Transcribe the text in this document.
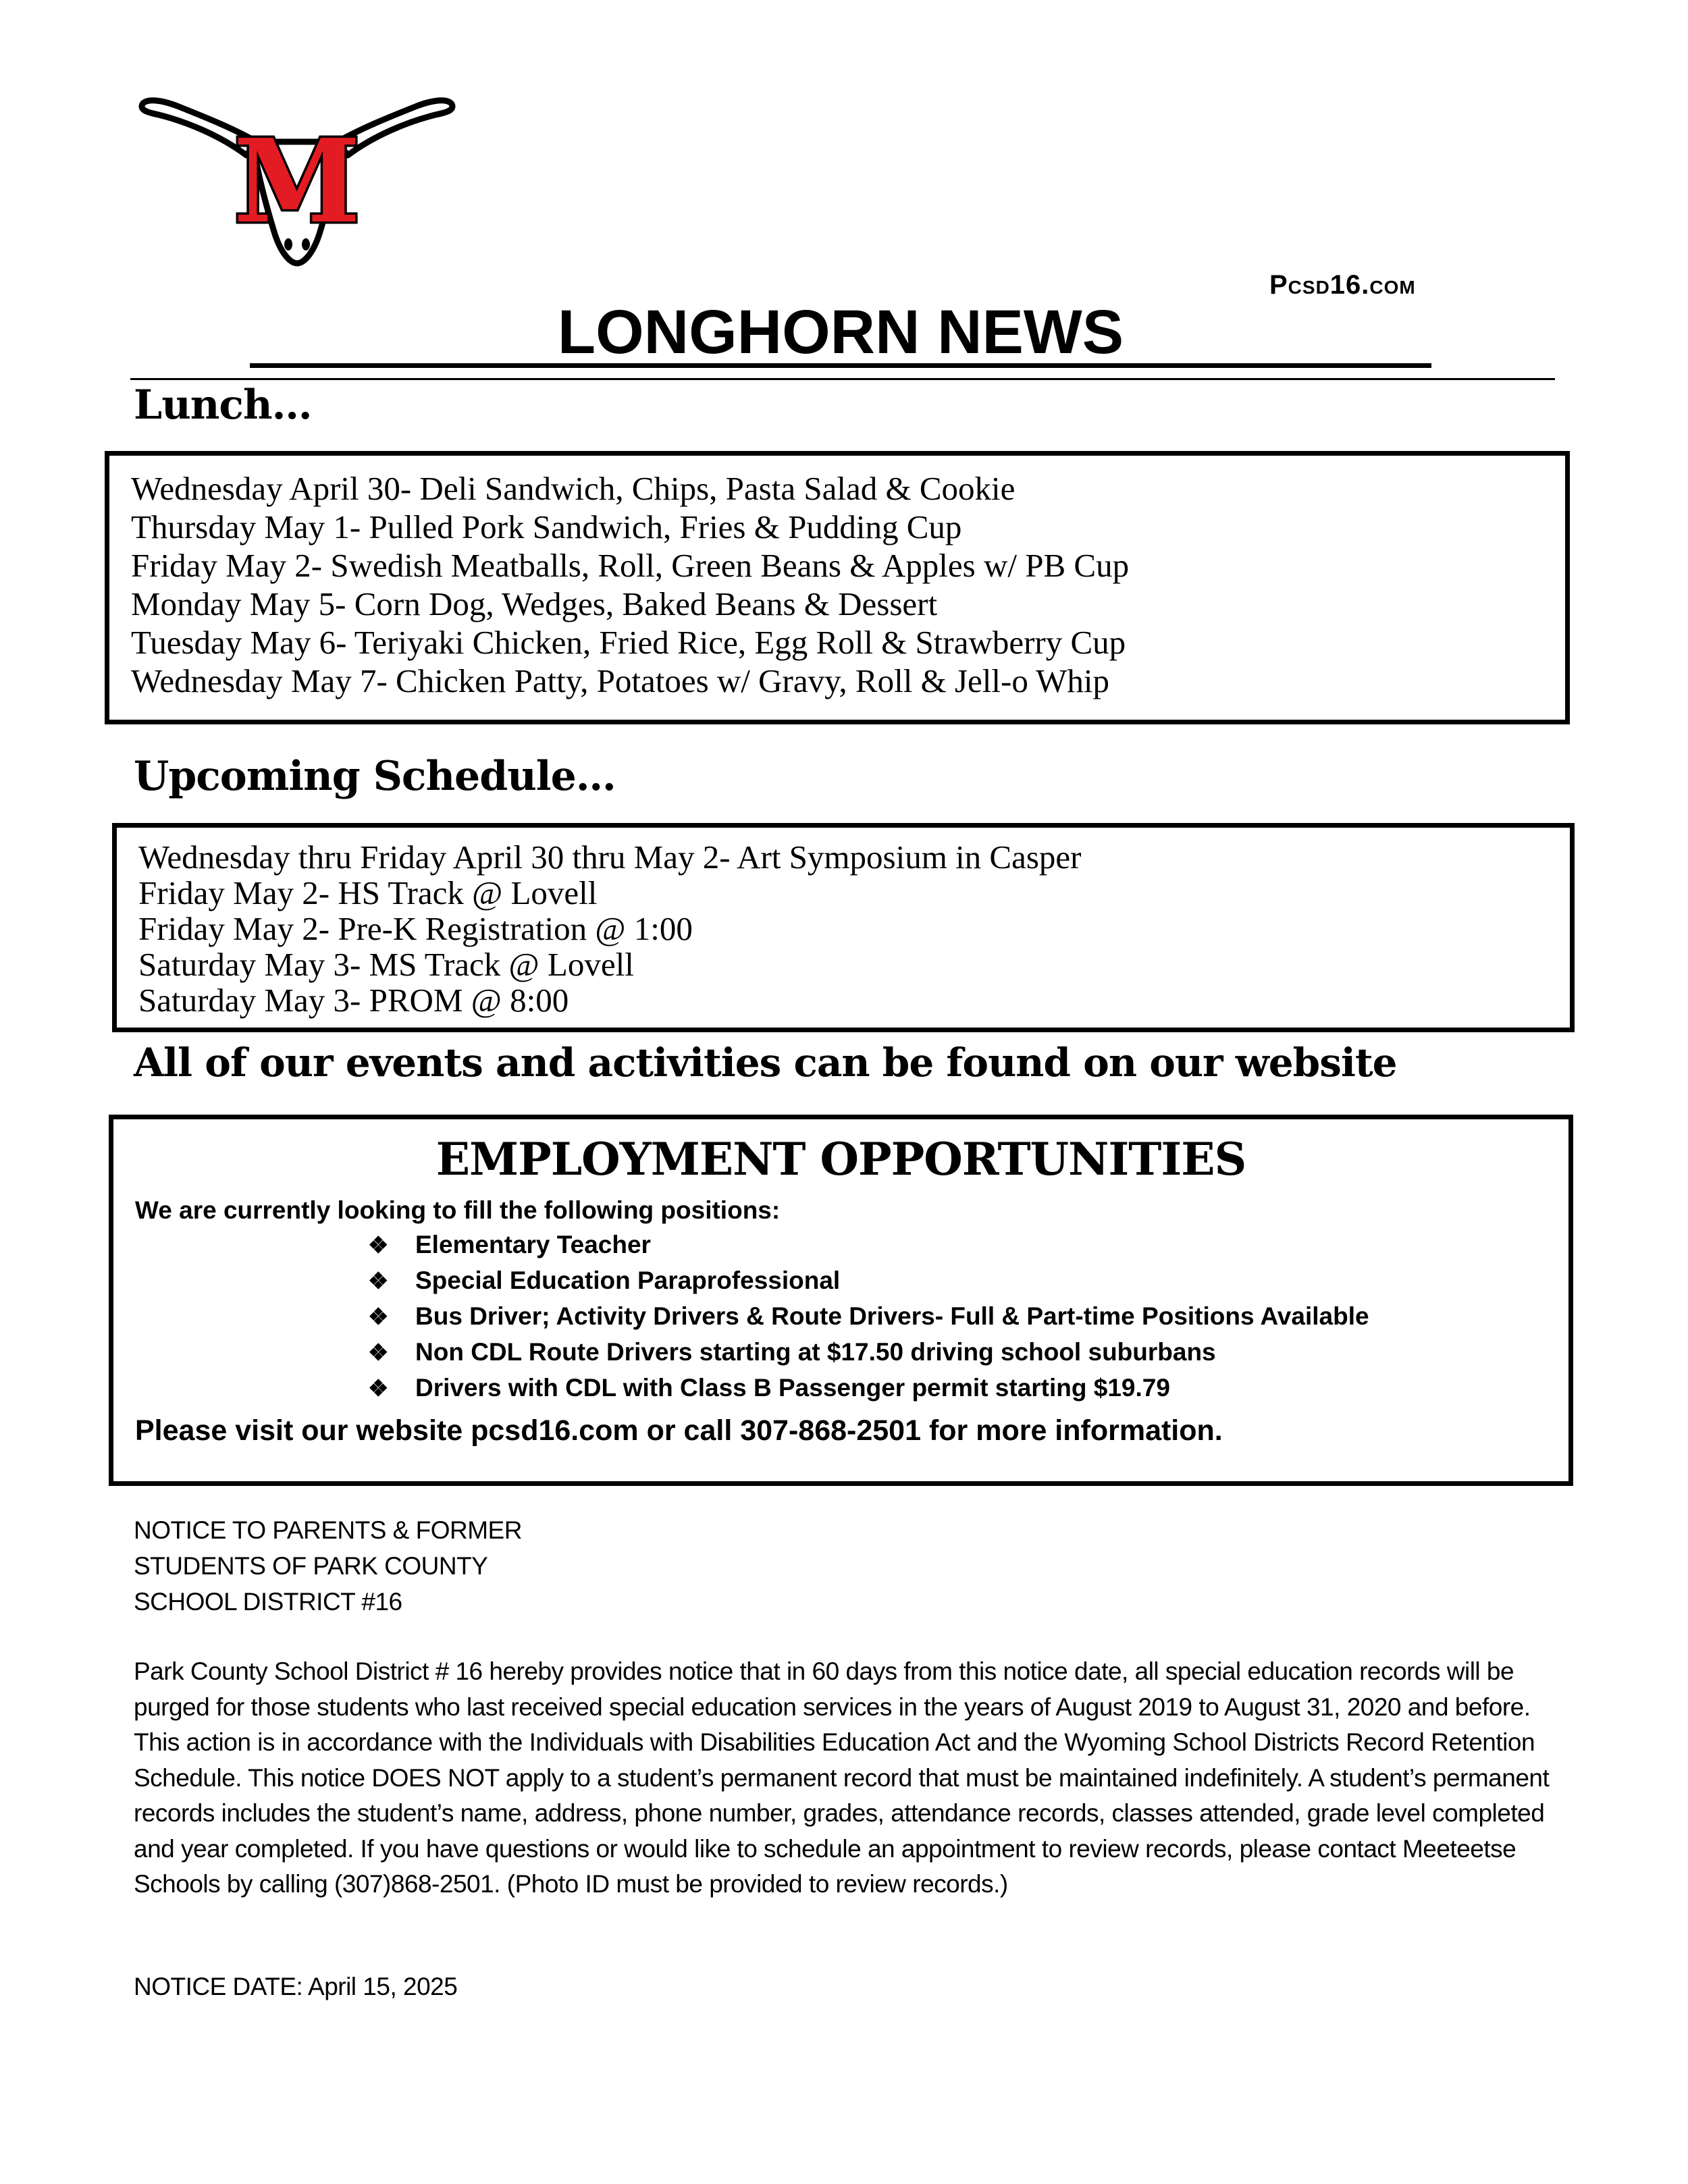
M
Pcsd16.com
LONGHORN NEWS
Lunch…
Wednesday April 30- Deli Sandwich, Chips, Pasta Salad & Cookie
Thursday May 1- Pulled Pork Sandwich, Fries & Pudding Cup
Friday May 2- Swedish Meatballs, Roll, Green Beans & Apples w/ PB Cup
Monday May 5- Corn Dog, Wedges, Baked Beans & Dessert
Tuesday May 6- Teriyaki Chicken, Fried Rice, Egg Roll & Strawberry Cup
Wednesday May 7- Chicken Patty, Potatoes w/ Gravy, Roll & Jell-o Whip
Upcoming Schedule…
Wednesday thru Friday April 30 thru May 2- Art Symposium in Casper
Friday May 2- HS Track @ Lovell
Friday May 2- Pre-K Registration @ 1:00
Saturday May 3- MS Track @ Lovell
Saturday May 3- PROM @ 8:00
All of our events and activities can be found on our website
EMPLOYMENT OPPORTUNITIES
We are currently looking to fill the following positions:
❖ Elementary Teacher
❖ Special Education Paraprofessional
❖ Bus Driver; Activity Drivers & Route Drivers- Full & Part-time Positions Available
❖ Non CDL Route Drivers starting at $17.50 driving school suburbans
❖ Drivers with CDL with Class B Passenger permit starting $19.79
Please visit our website pcsd16.com or call 307-868-2501 for more information.
NOTICE TO PARENTS & FORMER
STUDENTS OF PARK COUNTY
SCHOOL DISTRICT #16
Park County School District # 16 hereby provides notice that in 60 days from this notice date, all special education records will be purged for those students who last received special education services in the years of August 2019 to August 31, 2020 and before. This action is in accordance with the Individuals with Disabilities Education Act and the Wyoming School Districts Record Retention Schedule. This notice DOES NOT apply to a student’s permanent record that must be maintained indefinitely. A student’s permanent records includes the student’s name, address, phone number, grades, attendance records, classes attended, grade level completed and year completed. If you have questions or would like to schedule an appointment to review records, please contact Meeteetse Schools by calling (307)868-2501. (Photo ID must be provided to review records.)
NOTICE DATE: April 15, 2025
